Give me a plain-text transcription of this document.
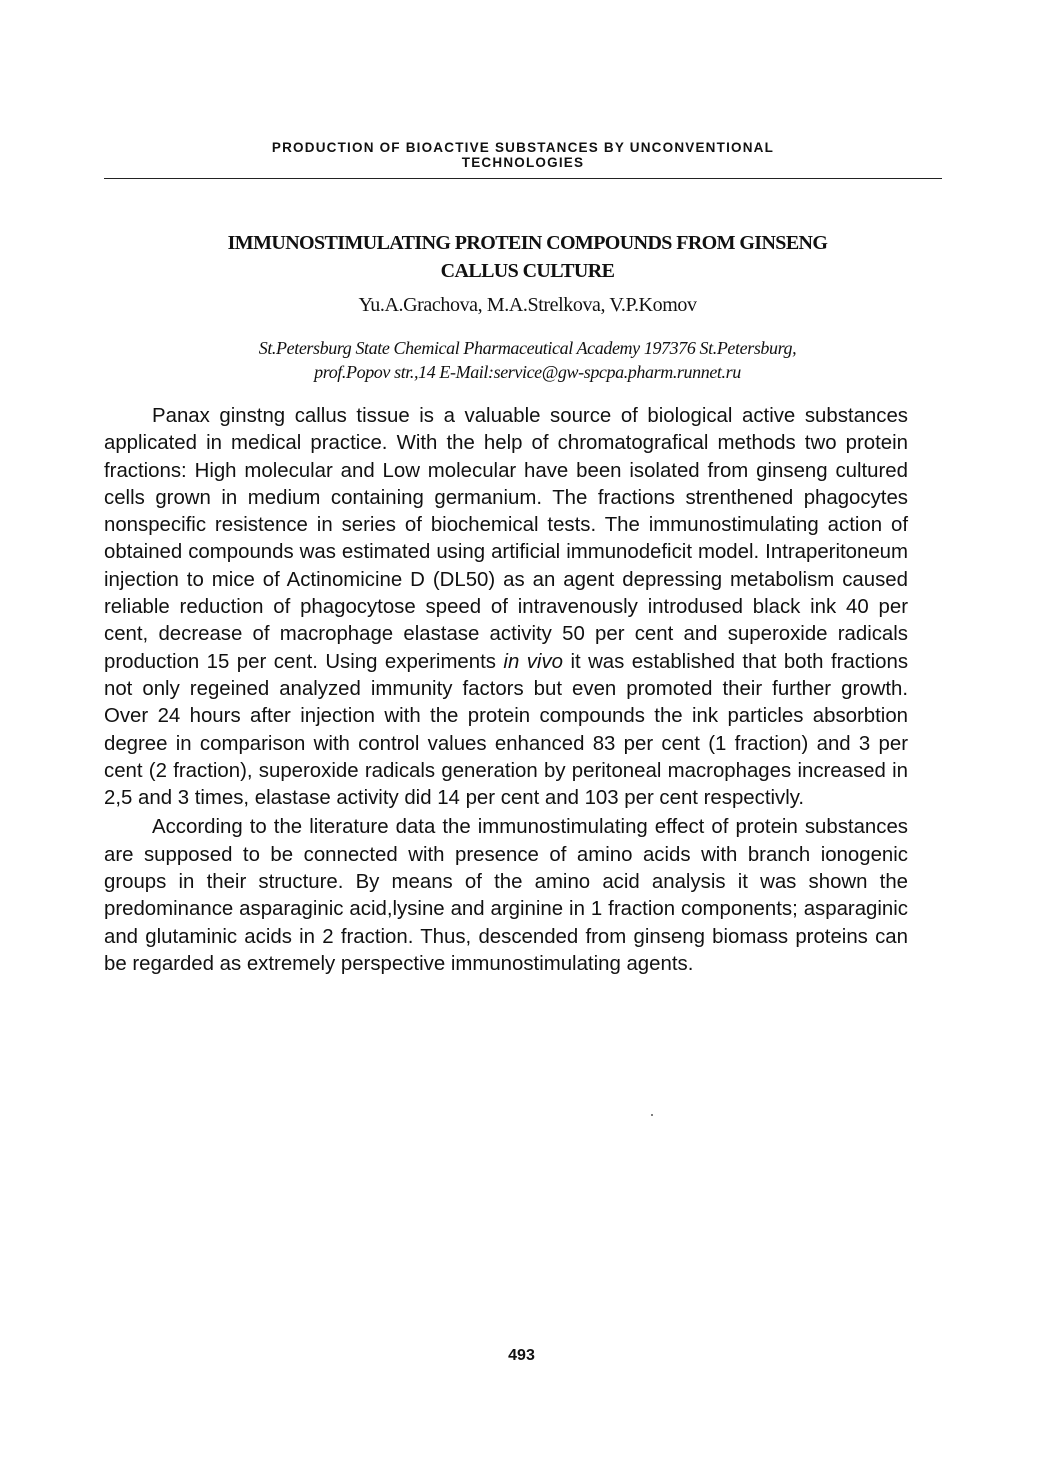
PRODUCTION OF BIOACTIVE SUBSTANCES BY UNCONVENTIONAL
TECHNOLOGIES
IMMUNOSTIMULATING PROTEIN COMPOUNDS FROM GINSENG
CALLUS CULTURE
Yu.A.Grachova, M.A.Strelkova, V.P.Komov
St.Petersburg State Chemical Pharmaceutical Academy 197376 St.Petersburg,
prof.Popov str.,14 E-Mail:service@gw-spcpa.pharm.runnet.ru

Panax ginstng callus tissue is a valuable source of biological active substances applicated in medical practice. With the help of chromatografical methods two protein fractions: High molecular and Low molecular have been isolated from ginseng cultured cells grown in medium containing germanium. The fractions strenthened phagocytes nonspecific resistence in series of biochemical tests. The immunostimulating action of obtained compounds was estimated using artificial immunodeficit model. Intraperitoneum injection to mice of Actinomicine D (DL50) as an agent depressing metabolism caused reliable reduction of phagocytose speed of intravenously introdused black ink 40 per cent, decrease of macrophage elastase activity 50 per cent and superoxide radicals production 15 per cent. Using experiments in vivo it was established that both fractions not only regeined analyzed immunity factors but even promoted their further growth. Over 24 hours after injection with the protein compounds the ink particles absorbtion degree in comparison with control values enhanced 83 per cent (1 fraction) and 3 per cent (2 fraction), superoxide radicals generation by peritoneal macrophages increased in 2,5 and 3 times, elastase activity did 14 per cent and 103 per cent respectivly.

According to the literature data the immunostimulating effect of protein substances are supposed to be connected with presence of amino acids with branch ionogenic groups in their structure. By means of the amino acid analysis it was shown the predominance asparaginic acid,lysine and arginine in 1 fraction components; asparaginic and glutaminic acids in 2 fraction. Thus, descended from ginseng biomass proteins can be regarded as extremely perspective immunostimulating agents.

493
